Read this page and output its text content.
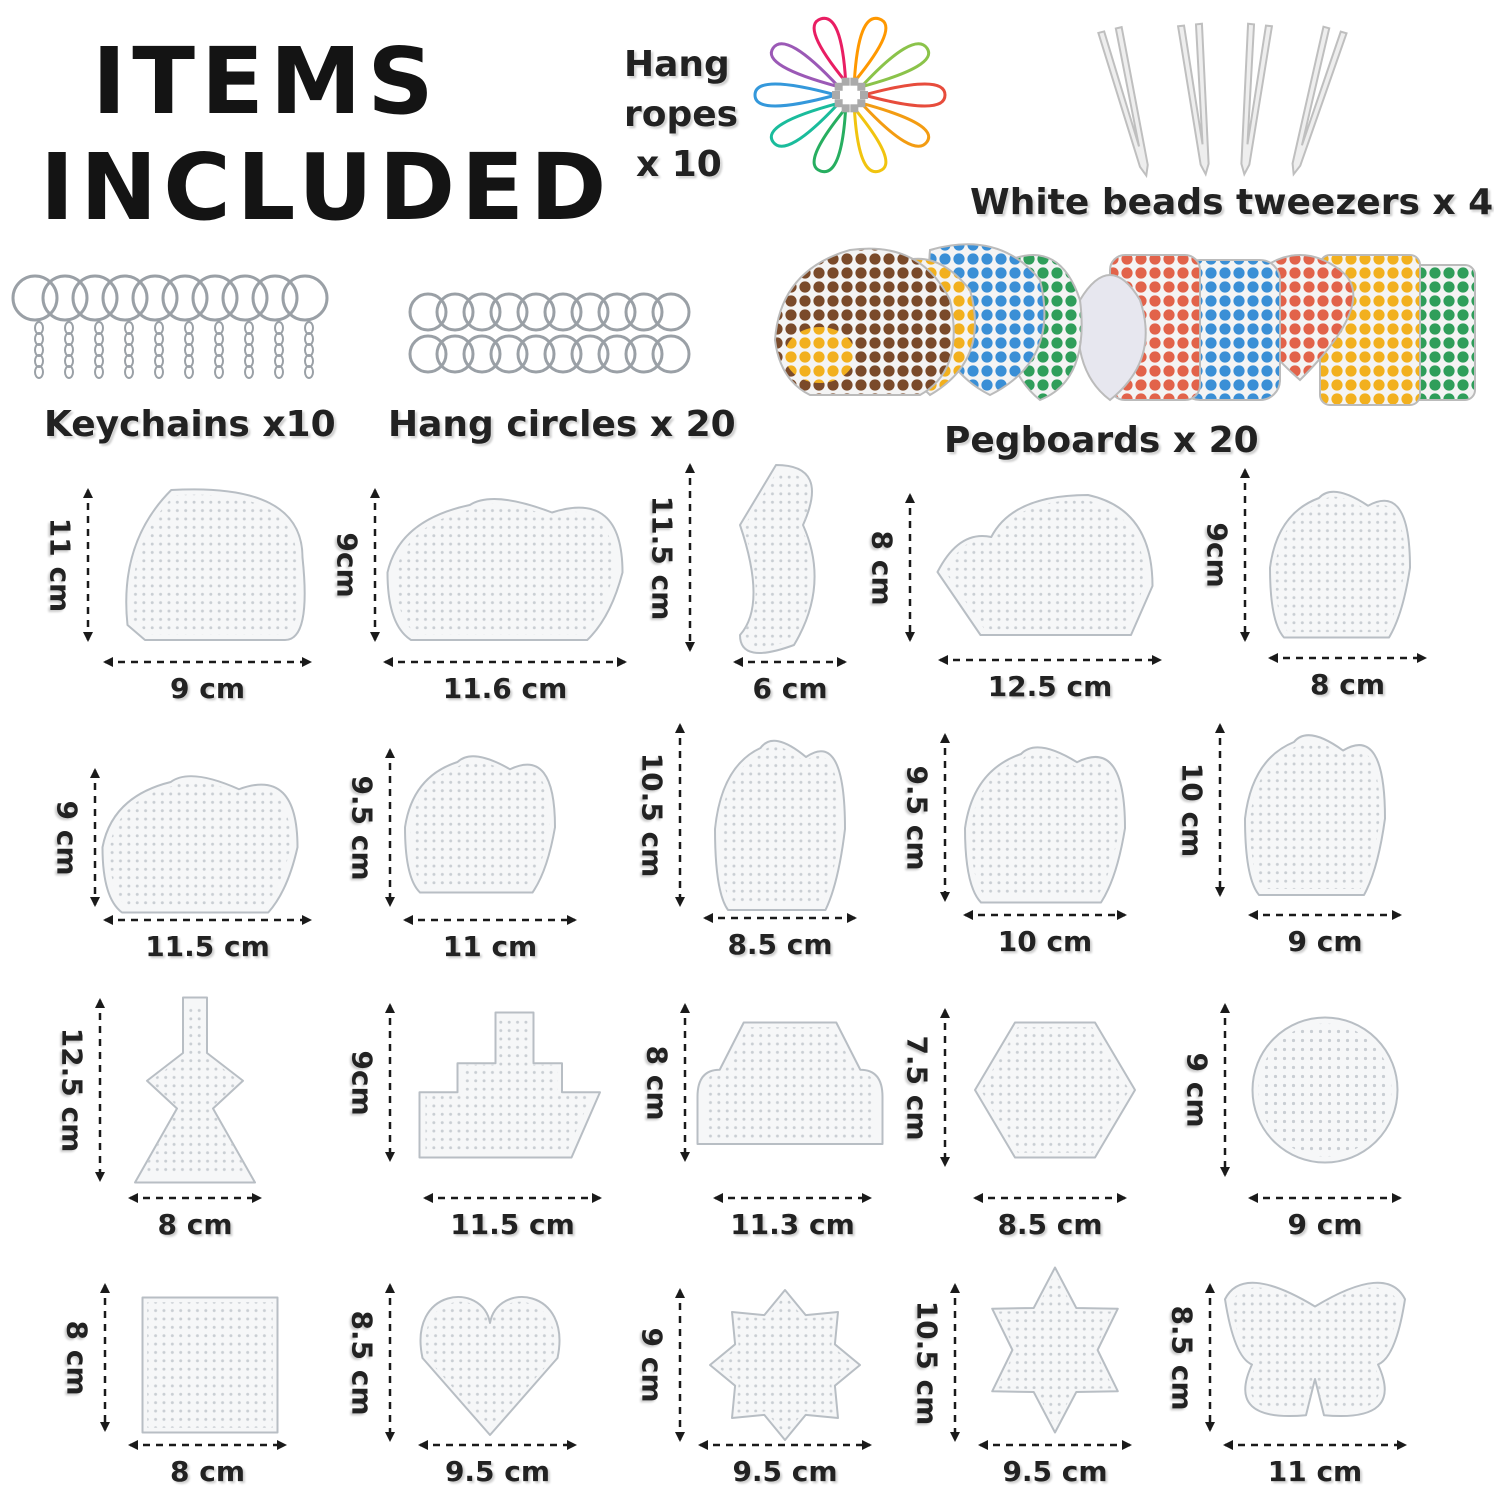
ITEMS
INCLUDED
Hang
ropes
x 10
White beads tweezers x 4
Keychains x10 Hang circles x 20	Pegboards x 20
11 cm
9 cm
9cm
11.6 cm
11.5 cm
6 cm
8 cm
12.5 cm
9cm
8 cm
9 cm
11.5 cm
9.5 cm
11 cm
10.5 cm
8.5 cm
9.5 cm
10 cm
10 cm
9 cm
12.5 cm
8 cm
9cm
11.5 cm
8 cm
11.3 cm
7.5 cm
8.5 cm
9 cm
9 cm
8 cm
8 cm
8.5 cm
9.5 cm
9 cm
9.5 cm
10.5 cm
9.5 cm
8.5 cm
11 cm
